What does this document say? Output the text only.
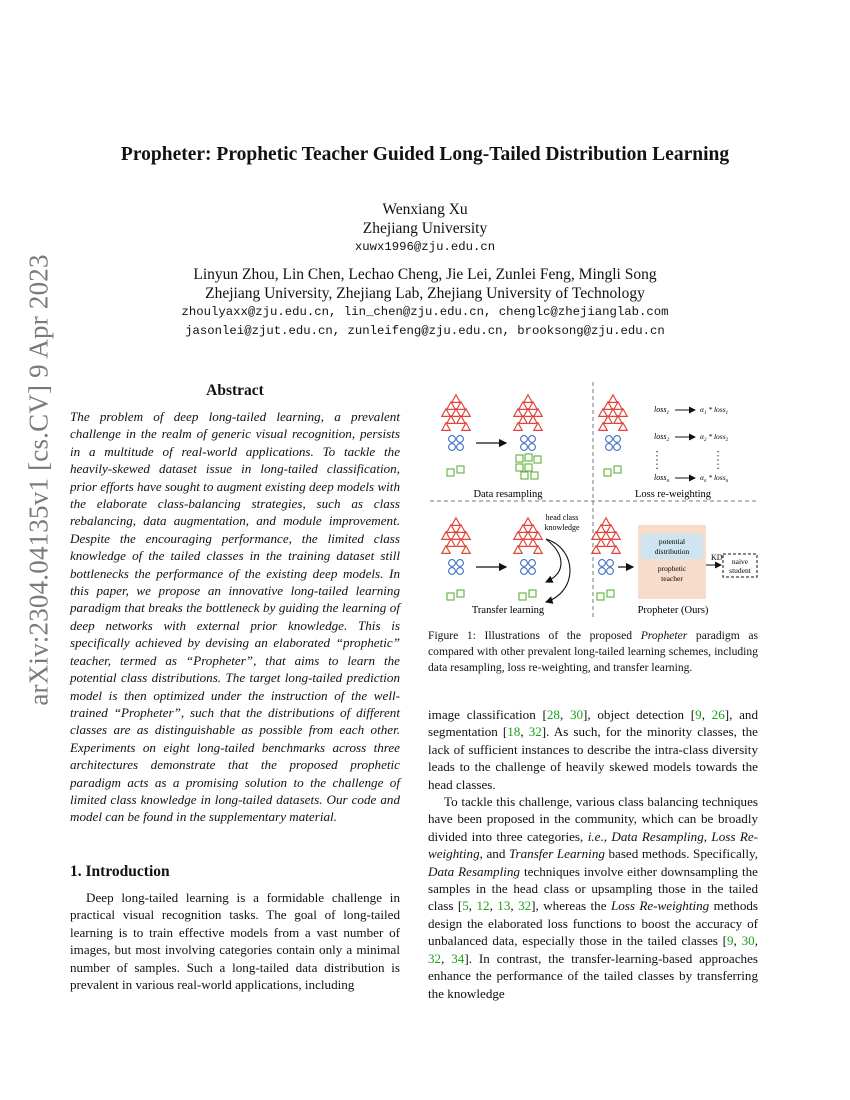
arXiv:2304.04135v1 [cs.CV] 9 Apr 2023
Propheter: Prophetic Teacher Guided Long-Tailed Distribution Learning
Wenxiang Xu
Zhejiang University
xuwx1996@zju.edu.cn
Linyun Zhou, Lin Chen, Lechao Cheng, Jie Lei, Zunlei Feng, Mingli Song
Zhejiang University, Zhejiang Lab, Zhejiang University of Technology
zhoulyaxx@zju.edu.cn, lin_chen@zju.edu.cn, chenglc@zhejianglab.com
jasonlei@zjut.edu.cn, zunleifeng@zju.edu.cn, brooksong@zju.edu.cn
Abstract
The problem of deep long-tailed learning, a prevalent challenge in the realm of generic visual recognition, persists in a multitude of real-world applications. To tackle the heavily-skewed dataset issue in long-tailed classification, prior efforts have sought to augment existing deep models with the elaborate class-balancing strategies, such as class rebalancing, data augmentation, and module improvement. Despite the encouraging performance, the limited class knowledge of the tailed classes in the training dataset still bottlenecks the performance of the existing deep models. In this paper, we propose an innovative long-tailed learning paradigm that breaks the bottleneck by guiding the learning of deep networks with external prior knowledge. This is specifically achieved by devising an elaborated “prophetic” teacher, termed as “Propheter”, that aims to learn the potential class distributions. The target long-tailed prediction model is then optimized under the instruction of the well-trained “Propheter”, such that the distributions of different classes are as distinguishable as possible from each other. Experiments on eight long-tailed benchmarks across three architectures demonstrate that the proposed prophetic paradigm acts as a promising solution to the challenge of limited class knowledge in long-tailed datasets. Our code and model can be found in the supplementary material.
1. Introduction

Deep long-tailed learning is a formidable challenge in practical visual recognition tasks. The goal of long-tailed learning is to train effective models from a vast number of images, but most involving categories contain only a minimal number of samples. Such a long-tailed data distribution is prevalent in various real-world applications, including

loss$_1$
loss$_2$
loss$_n$
$\alpha_1$ * loss$_1$
$\alpha_2$ * loss$_2$
$\alpha_n$ * loss$_n$
head class
knowledge
potential
distribution
prophetic
teacher
KD naive
student
Data resampling	Loss re-weighting
Transfer learning	Propheter (Ours)
Figure 1: Illustrations of the proposed Propheter paradigm as compared with other prevalent long-tailed learning schemes, including data resampling, loss re-weighting, and transfer learning.

image classification [28, 30], object detection [9, 26], and segmentation [18, 32]. As such, for the minority classes, the lack of sufficient instances to describe the intra-class diversity leads to the challenge of heavily skewed models towards the head classes.

To tackle this challenge, various class balancing techniques have been proposed in the community, which can be broadly divided into three categories, i.e., Data Resampling, Loss Re-weighting, and Transfer Learning based methods. Specifically, Data Resampling techniques involve either downsampling the samples in the head class or upsampling those in the tailed class [5, 12, 13, 32], whereas the Loss Re-weighting methods design the elaborated loss functions to boost the accuracy of unbalanced data, especially those in the tailed classes [9, 30, 32, 34]. In contrast, the transfer-learning-based approaches enhance the performance of the tailed classes by transferring the knowledge
